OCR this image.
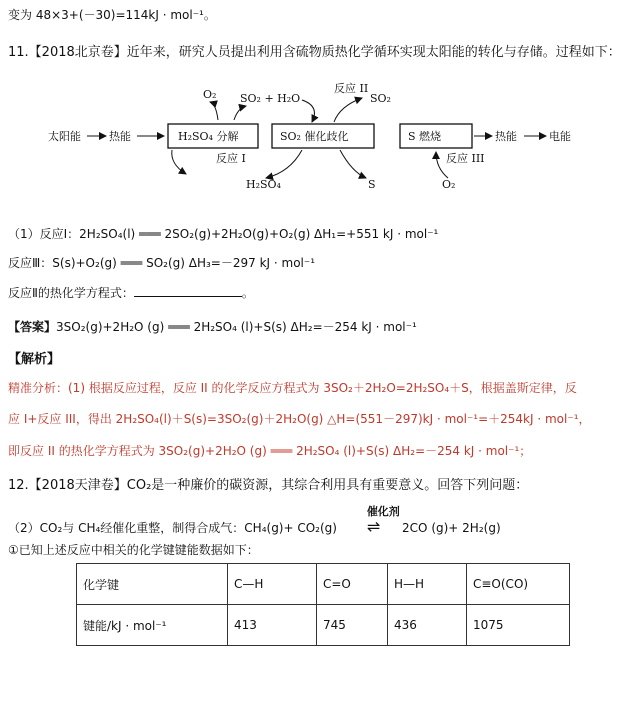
变为 48×3+(－30)=114kJ · mol⁻¹。
11.【2018北京卷】近年来，研究人员提出利用含硫物质热化学循环实现太阳能的转化与存储。过程如下：
太阳能	热能	H₂SO₄ 分解	SO₂ 催化歧化	S 燃烧	热能	电能
O₂ SO₂ + H₂O
反应 II
SO₂
反应 I	反应 III
H₂SO₄	S	O₂
（1）反应Ⅰ：2H₂SO₄(l) ═══ 2SO₂(g)+2H₂O(g)+O₂(g) ΔH₁=+551 kJ · mol⁻¹
反应Ⅲ：S(s)+O₂(g) ═══ SO₂(g) ΔH₃=－297 kJ · mol⁻¹
反应Ⅱ的热化学方程式：	。
【答案】3SO₂(g)+2H₂O (g) ═══ 2H₂SO₄ (l)+S(s) ΔH₂=－254 kJ · mol⁻¹
【解析】
精准分析：(1) 根据反应过程，反应 II 的化学反应方程式为 3SO₂＋2H₂O=2H₂SO₄＋S，根据盖斯定律，反
应 I+反应 III，得出 2H₂SO₄(l)＋S(s)=3SO₂(g)＋2H₂O(g) △H=(551－297)kJ · mol⁻¹=＋254kJ · mol⁻¹，
即反应 II 的热化学方程式为 3SO₂(g)+2H₂O (g) ═══ 2H₂SO₄ (l)+S(s) ΔH₂=－254 kJ · mol⁻¹；
12.【2018天津卷】CO₂是一种廉价的碳资源，其综合利用具有重要意义。回答下列问题：
（2）CO₂与 CH₄经催化重整，制得合成气：CH₄(g)+ CO₂(g)
催化剂
⇌ 2CO (g)+ 2H₂(g)
①已知上述反应中相关的化学键键能数据如下：
化学键	C—H	C=O	H—H	C≡O(CO)
键能/kJ · mol⁻¹	413	745	436	1075
